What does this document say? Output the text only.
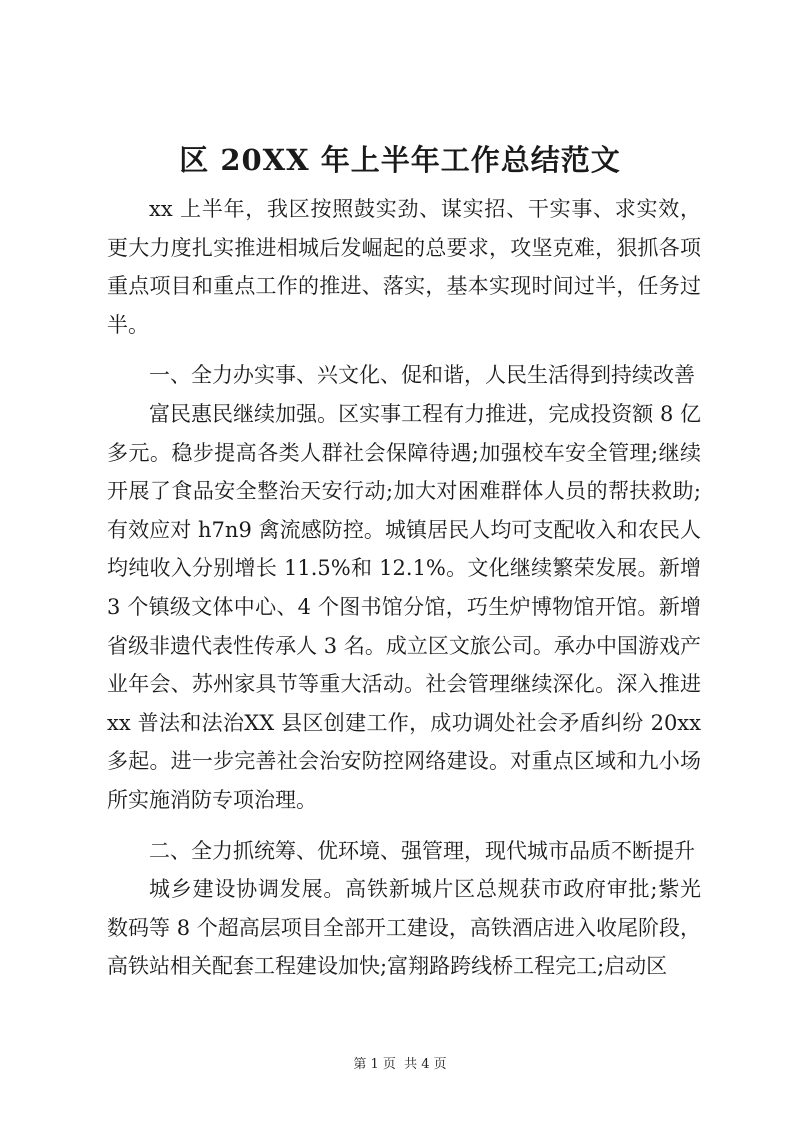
区 20XX 年上半年工作总结范文

xx 上半年，我区按照鼓实劲、谋实招、干实事、求实效，更大力度扎实推进相城后发崛起的总要求，攻坚克难，狠抓各项重点项目和重点工作的推进、落实，基本实现时间过半，任务过半。

一、全力办实事、兴文化、促和谐，人民生活得到持续改善

富民惠民继续加强。区实事工程有力推进，完成投资额 8 亿多元。稳步提高各类人群社会保障待遇;加强校车安全管理;继续开展了食品安全整治天安行动;加大对困难群体人员的帮扶救助;有效应对 h7n9 禽流感防控。城镇居民人均可支配收入和农民人均纯收入分别增长 11.5%和 12.1%。文化继续繁荣发展。新增 3 个镇级文体中心、4 个图书馆分馆，巧生炉博物馆开馆。新增省级非遗代表性传承人 3 名。成立区文旅公司。承办中国游戏产业年会、苏州家具节等重大活动。社会管理继续深化。深入推进 xx 普法和法治XX 县区创建工作，成功调处社会矛盾纠纷 20xx 多起。进一步完善社会治安防控网络建设。对重点区域和九小场所实施消防专项治理。

二、全力抓统筹、优环境、强管理，现代城市品质不断提升

城乡建设协调发展。高铁新城片区总规获市政府审批;紫光数码等 8 个超高层项目全部开工建设，高铁酒店进入收尾阶段，高铁站相关配套工程建设加快;富翔路跨线桥工程完工;启动区

第 1 页 共 4 页
